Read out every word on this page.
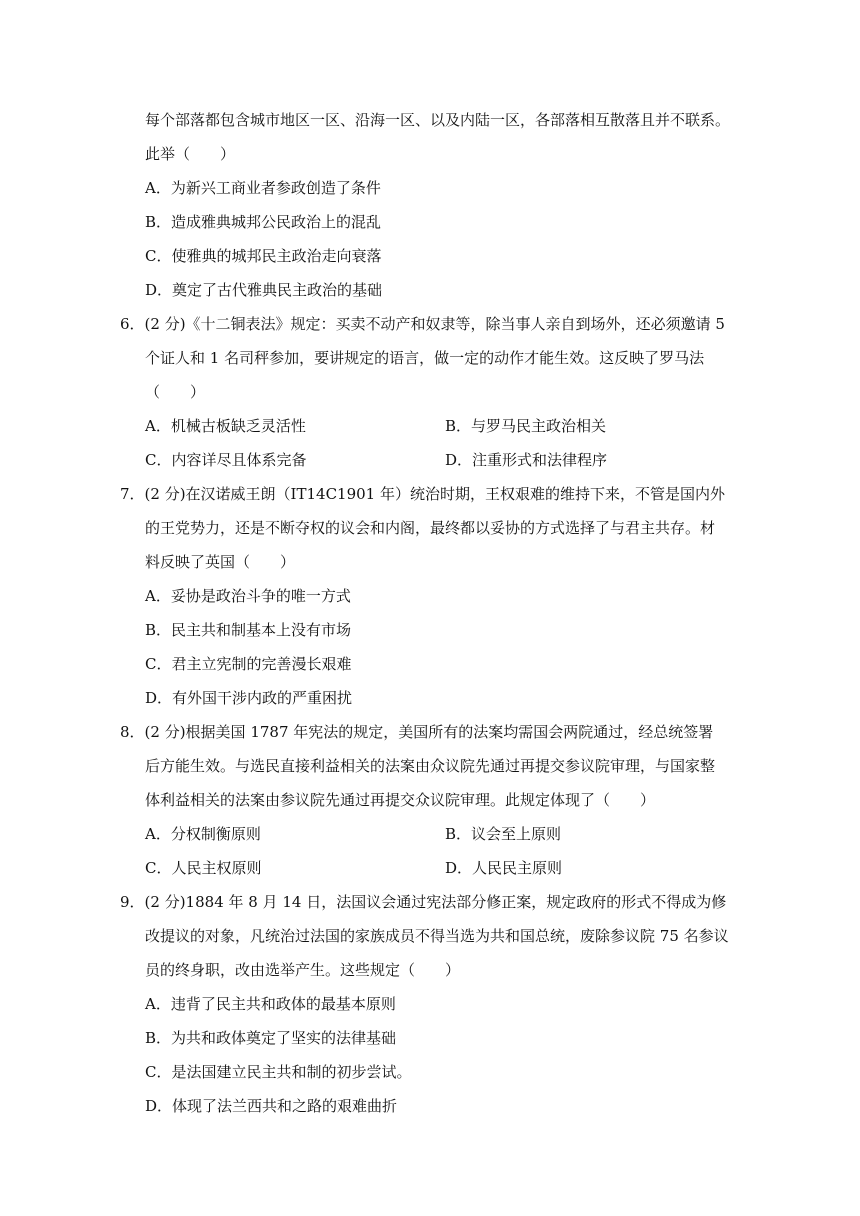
每个部落都包含城市地区一区、沿海一区、以及内陆一区，各部落相互散落且并不联系。
此举（　　）
A．为新兴工商业者参政创造了条件
B．造成雅典城邦公民政治上的混乱
C．使雅典的城邦民主政治走向衰落
D．奠定了古代雅典民主政治的基础
6．(2 分)《十二铜表法》规定：买卖不动产和奴隶等，除当事人亲自到场外，还必须邀请 5
个证人和 1 名司秤参加，要讲规定的语言，做一定的动作才能生效。这反映了罗马法
（　　）
A．机械古板缺乏灵活性	B．与罗马民主政治相关
C．内容详尽且体系完备	D．注重形式和法律程序
7．(2 分)在汉诺威王朗（IT14C1901 年）统治时期，王权艰难的维持下来，不管是国内外
的王党势力，还是不断夺权的议会和内阁，最终都以妥协的方式选择了与君主共存。材
料反映了英国（　　）
A．妥协是政治斗争的唯一方式
B．民主共和制基本上没有市场
C．君主立宪制的完善漫长艰难
D．有外国干涉内政的严重困扰
8．(2 分)根据美国 1787 年宪法的规定，美国所有的法案均需国会两院通过，经总统签署
后方能生效。与选民直接利益相关的法案由众议院先通过再提交参议院审理，与国家整
体利益相关的法案由参议院先通过再提交众议院审理。此规定体现了（　　）
A．分权制衡原则	B．议会至上原则
C．人民主权原则	D．人民民主原则
9．(2 分)1884 年 8 月 14 日，法国议会通过宪法部分修正案，规定政府的形式不得成为修
改提议的对象，凡统治过法国的家族成员不得当选为共和国总统，废除参议院 75 名参议
员的终身职，改由选举产生。这些规定（　　）
A．违背了民主共和政体的最基本原则
B．为共和政体奠定了坚实的法律基础
C．是法国建立民主共和制的初步尝试。
D．体现了法兰西共和之路的艰难曲折
